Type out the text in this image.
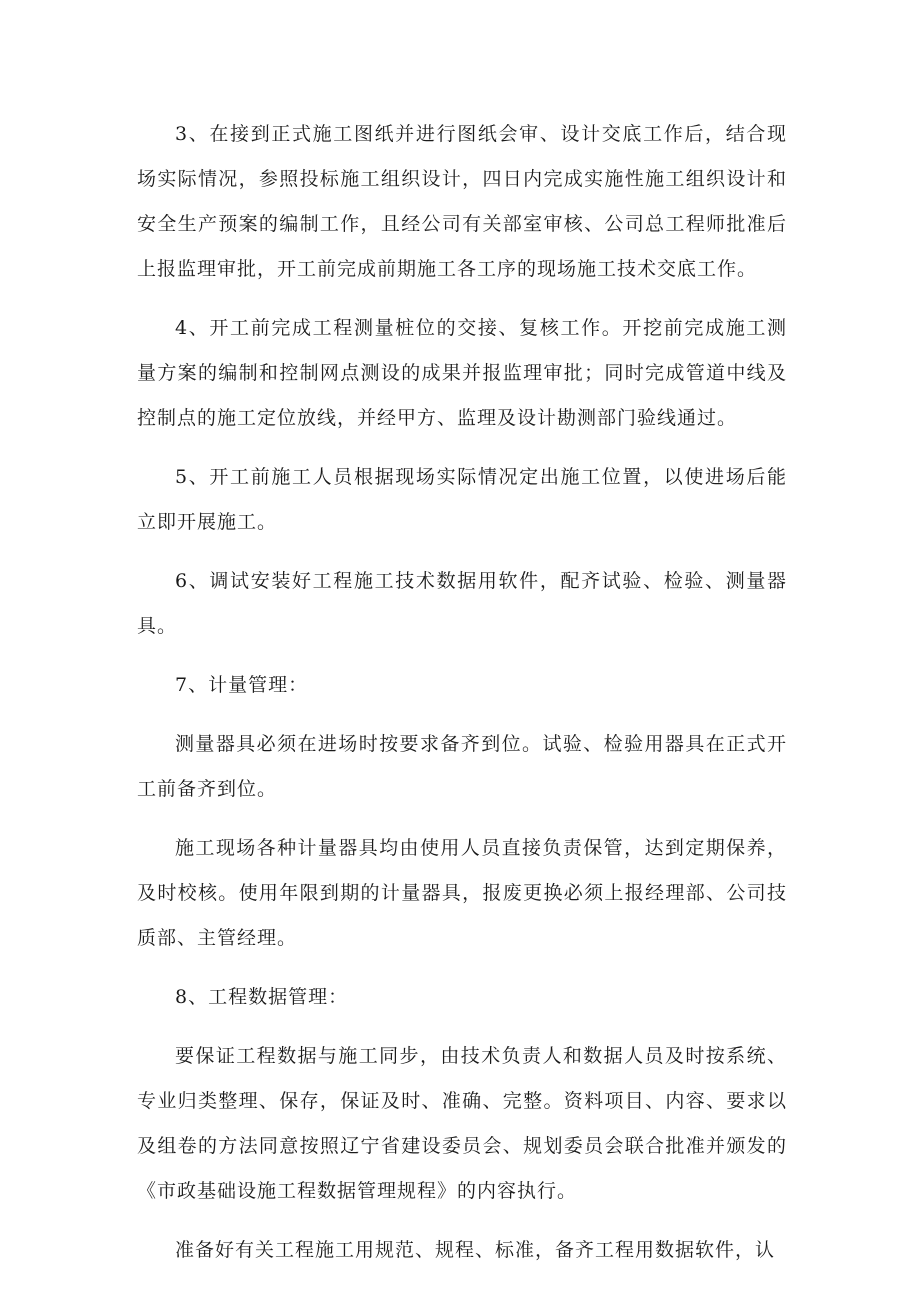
3、在接到正式施工图纸并进行图纸会审、设计交底工作后，结合现场实际情况，参照投标施工组织设计，四日内完成实施性施工组织设计和安全生产预案的编制工作，且经公司有关部室审核、公司总工程师批准后上报监理审批，开工前完成前期施工各工序的现场施工技术交底工作。

4、开工前完成工程测量桩位的交接、复核工作。开挖前完成施工测量方案的编制和控制网点测设的成果并报监理审批；同时完成管道中线及控制点的施工定位放线，并经甲方、监理及设计勘测部门验线通过。

5、开工前施工人员根据现场实际情况定出施工位置，以使进场后能立即开展施工。

6、调试安装好工程施工技术数据用软件，配齐试验、检验、测量器具。

7、计量管理：

测量器具必须在进场时按要求备齐到位。试验、检验用器具在正式开工前备齐到位。

施工现场各种计量器具均由使用人员直接负责保管，达到定期保养，及时校核。使用年限到期的计量器具，报废更换必须上报经理部、公司技质部、主管经理。

8、工程数据管理：

要保证工程数据与施工同步，由技术负责人和数据人员及时按系统、专业归类整理、保存，保证及时、准确、完整。资料项目、内容、要求以及组卷的方法同意按照辽宁省建设委员会、规划委员会联合批准并颁发的《市政基础设施工程数据管理规程》的内容执行。

准备好有关工程施工用规范、规程、标准，备齐工程用数据软件，认
